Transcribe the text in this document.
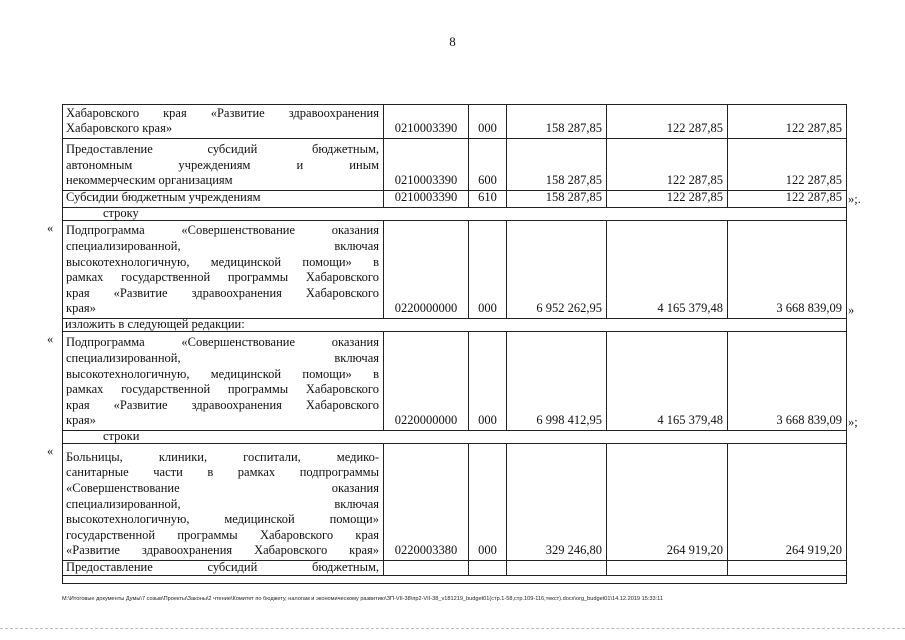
8
Хабаровского края «Развитие здравоохранения
Хабаровского края»	0210003390	000	158 287,85	122 287,85	122 287,85
Предоставление субсидий бюджетным,
автономным учреждениям и иным
некоммерческим организациям	0210003390	600	158 287,85	122 287,85	122 287,85
Субсидии бюджетным учреждениям	0210003390	610	158 287,85	122 287,85	122 287,85 »;.
строку
Подпрограмма «Совершенствование оказания
специализированной, включая
высокотехнологичную, медицинской помощи» в
рамках государственной программы Хабаровского
края «Развитие здравоохранения Хабаровского
края»	0220000000	000	6 952 262,95	4 165 379,48	3 668 839,09
«
»
изложить в следующей редакции:
Подпрограмма «Совершенствование оказания
специализированной, включая
высокотехнологичную, медицинской помощи» в
рамках государственной программы Хабаровского
края «Развитие здравоохранения Хабаровского
края»	0220000000	000	6 998 412,95	4 165 379,48	3 668 839,09
«
»;
строки
Больницы, клиники, госпитали, медико-
санитарные части в рамках подпрограммы
«Совершенствование оказания
специализированной, включая
высокотехнологичную, медицинской помощи»
государственной программы Хабаровского края
«Развитие здравоохранения Хабаровского края»	0220003380	000	329 246,80	264 919,20	264 919,20
«
Предоставление субсидий бюджетным,
M:\Итоговые документы Думы\7 созыв\Проекты\Законы\2 чтение\Комитет по бюджету, налогам и экономическому развитию\ЗП-VII-38\пр2-VII-38_v181219_budget01(стр.1-58,стр.109-116,текст).docx\org_budget01\14.12.2019 15:33:11
